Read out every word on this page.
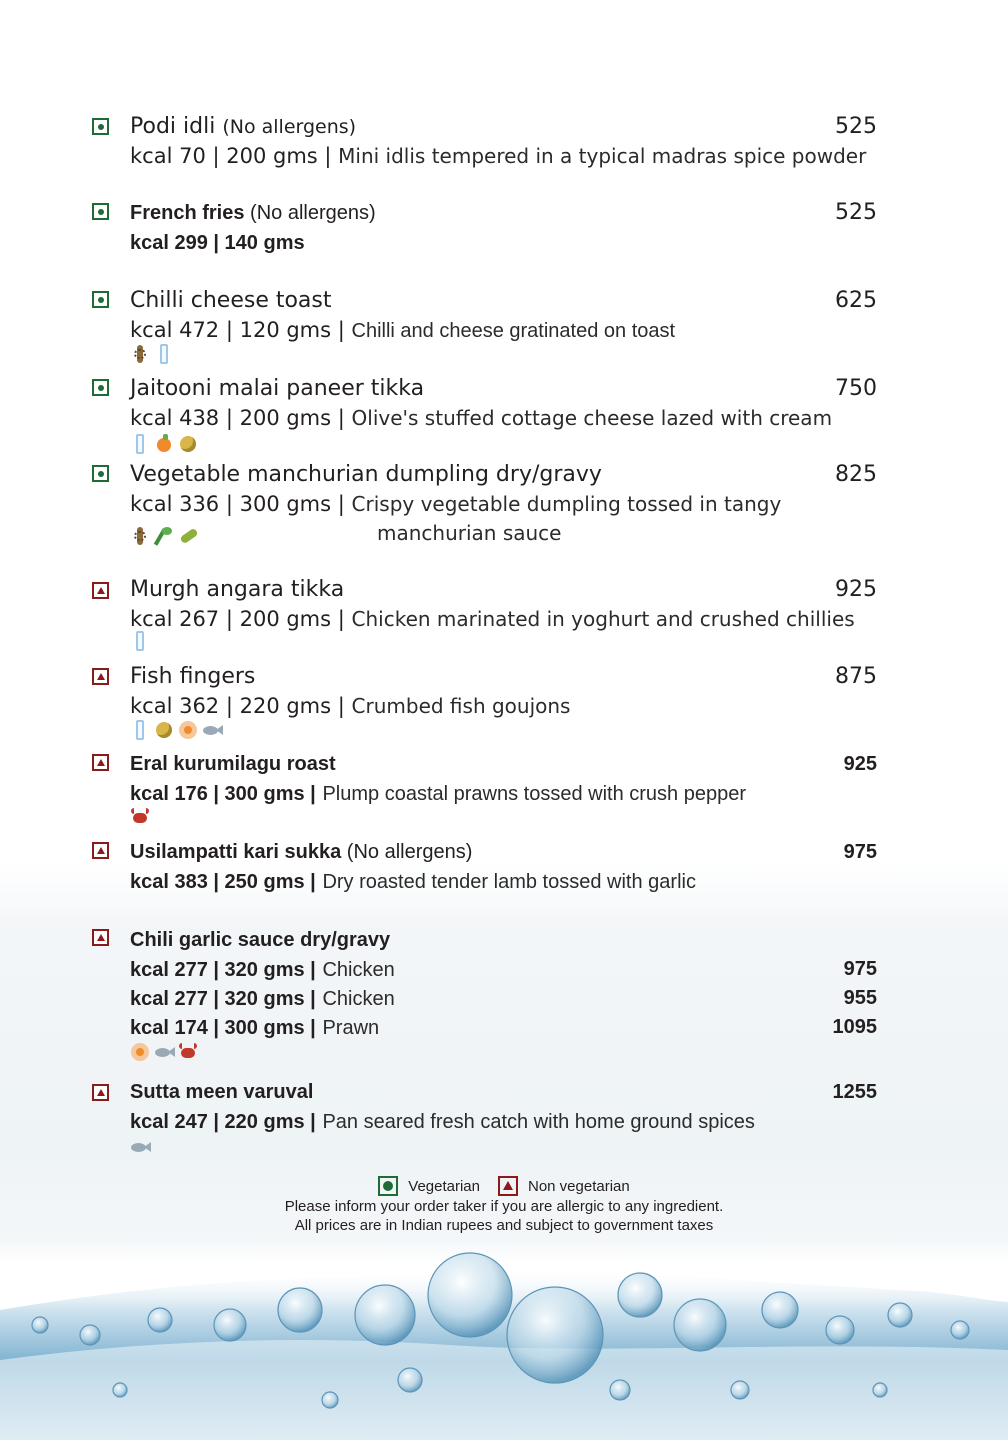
Podi idli (No allergens)	525
kcal 70 | 200 gms | Mini idlis tempered in a typical madras spice powder
French fries (No allergens)	525
kcal 299 | 140 gms
Chilli cheese toast	625
kcal 472 | 120 gms | Chilli and cheese gratinated on toast
Jaitooni malai paneer tikka	750
kcal 438 | 200 gms | Olive's stuffed cottage cheese lazed with cream
Vegetable manchurian dumpling dry/gravy	825
kcal 336 | 300 gms | Crispy vegetable dumpling tossed in tangy
manchurian sauce
Murgh angara tikka	925
kcal 267 | 200 gms | Chicken marinated in yoghurt and crushed chillies
Fish fingers	875
kcal 362 | 220 gms | Crumbed fish goujons
Eral kurumilagu roast	925
kcal 176 | 300 gms | Plump coastal prawns tossed with crush pepper
Usilampatti kari sukka (No allergens)	975
kcal 383 | 250 gms | Dry roasted tender lamb tossed with garlic
Chili garlic sauce dry/gravy
kcal 277 | 320 gms | Chicken	975
kcal 277 | 320 gms | Chicken	955
kcal 174 | 300 gms | Prawn	1095
Sutta meen varuval	1255
kcal 247 | 220 gms | Pan seared fresh catch with home ground spices
Vegetarian	Non vegetarian
Please inform your order taker if you are allergic to any ingredient.
All prices are in Indian rupees and subject to government taxes
